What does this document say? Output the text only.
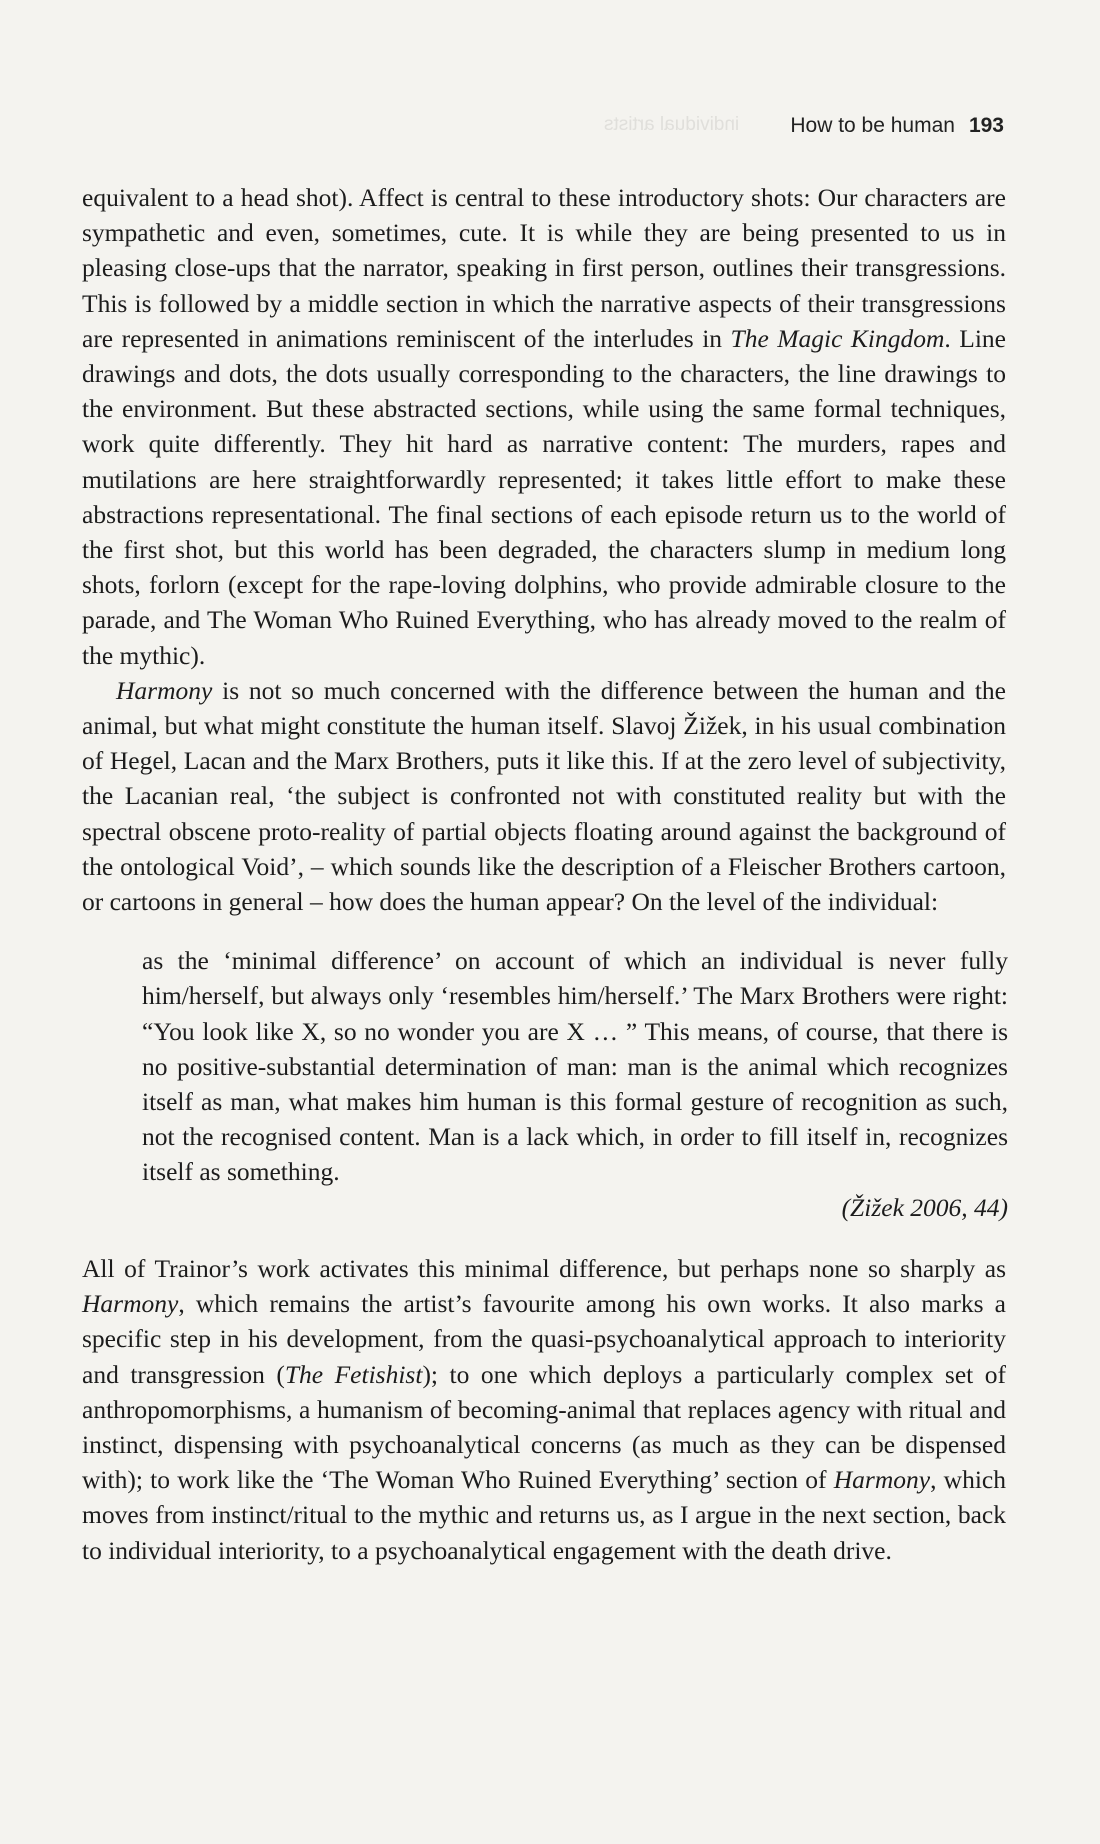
individual artists How to be human 193

equivalent to a head shot). Affect is central to these introductory shots: Our characters are sympathetic and even, sometimes, cute. It is while they are being presented to us in pleasing close-ups that the narrator, speaking in first person, outlines their transgressions. This is followed by a middle section in which the narrative aspects of their transgressions are represented in animations reminiscent of the interludes in The Magic Kingdom. Line drawings and dots, the dots usually corresponding to the characters, the line drawings to the environment. But these abstracted sections, while using the same formal techniques, work quite differently. They hit hard as narrative content: The murders, rapes and mutilations are here straightforwardly represented; it takes little effort to make these abstractions representational. The final sections of each episode return us to the world of the first shot, but this world has been degraded, the characters slump in medium long shots, forlorn (except for the rape-loving dolphins, who provide admirable closure to the parade, and The Woman Who Ruined Everything, who has already moved to the realm of the mythic).

Harmony is not so much concerned with the difference between the human and the animal, but what might constitute the human itself. Slavoj Žižek, in his usual combination of Hegel, Lacan and the Marx Brothers, puts it like this. If at the zero level of subjectivity, the Lacanian real, ‘the subject is confronted not with constituted reality but with the spectral obscene proto-reality of partial objects floating around against the background of the ontological Void’, – which sounds like the description of a Fleischer Brothers cartoon, or cartoons in general – how does the human appear? On the level of the individual:

as the ‘minimal difference’ on account of which an individual is never fully him/herself, but always only ‘resembles him/herself.’ The Marx Brothers were right: “You look like X, so no wonder you are X … ” This means, of course, that there is no positive-substantial determination of man: man is the animal which recognizes itself as man, what makes him human is this formal gesture of recognition as such, not the recognised content. Man is a lack which, in order to fill itself in, recognizes itself as something.

(Žižek 2006, 44)

All of Trainor’s work activates this minimal difference, but perhaps none so sharply as Harmony, which remains the artist’s favourite among his own works. It also marks a specific step in his development, from the quasi-psychoanalytical approach to interiority and transgression (The Fetishist); to one which deploys a particularly complex set of anthropomorphisms, a humanism of becoming-animal that replaces agency with ritual and instinct, dispensing with psychoanalytical concerns (as much as they can be dispensed with); to work like the ‘The Woman Who Ruined Everything’ section of Harmony, which moves from instinct/ritual to the mythic and returns us, as I argue in the next section, back to individual interiority, to a psychoanalytical engagement with the death drive.
